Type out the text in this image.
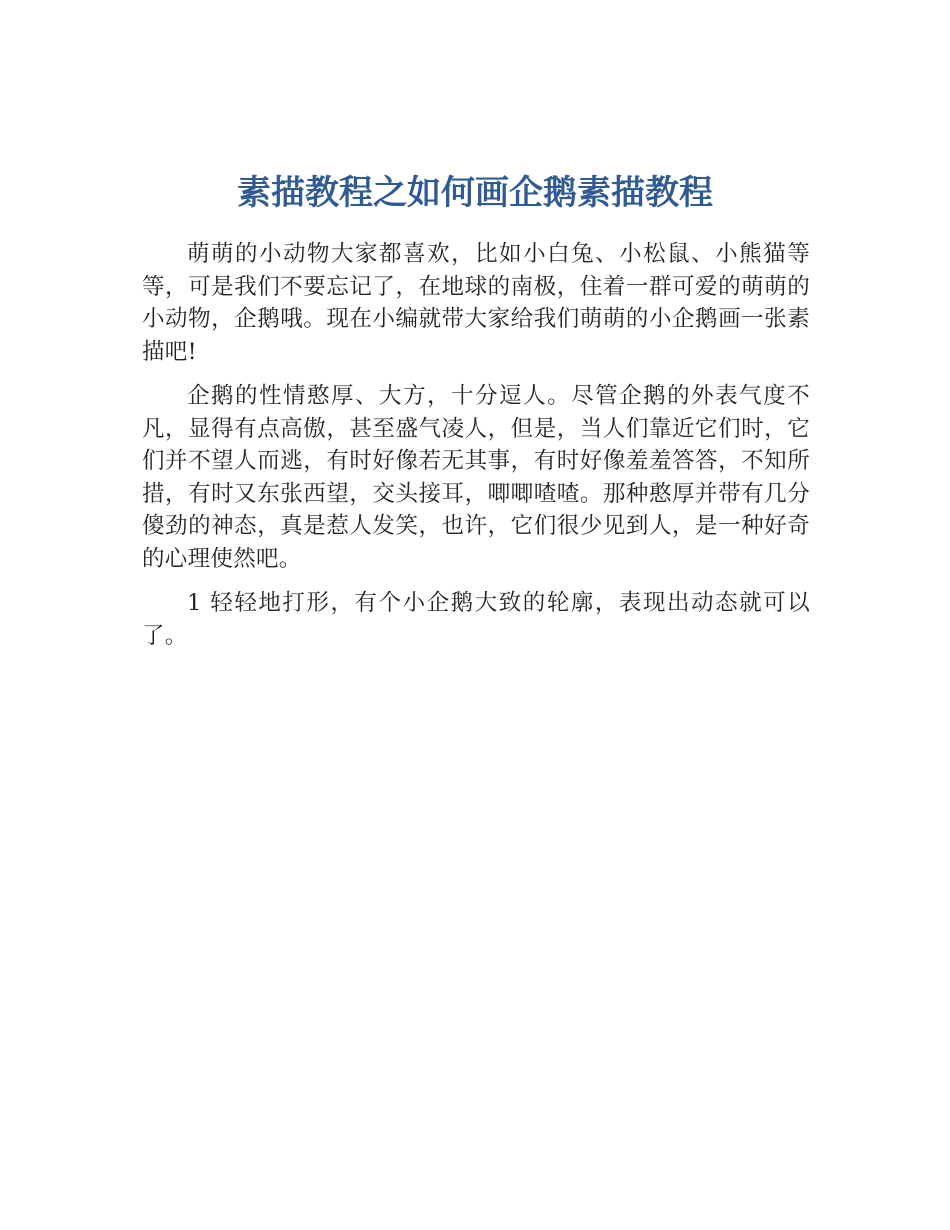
素描教程之如何画企鹅素描教程

萌萌的小动物大家都喜欢，比如小白兔、小松鼠、小熊猫等等，可是我们不要忘记了，在地球的南极，住着一群可爱的萌萌的小动物，企鹅哦。现在小编就带大家给我们萌萌的小企鹅画一张素描吧!

企鹅的性情憨厚、大方，十分逗人。尽管企鹅的外表气度不凡，显得有点高傲，甚至盛气凌人，但是，当人们靠近它们时，它们并不望人而逃，有时好像若无其事，有时好像羞羞答答，不知所措，有时又东张西望，交头接耳，唧唧喳喳。那种憨厚并带有几分傻劲的神态，真是惹人发笑，也许，它们很少见到人，是一种好奇的心理使然吧。

1 轻轻地打形，有个小企鹅大致的轮廓，表现出动态就可以了。
